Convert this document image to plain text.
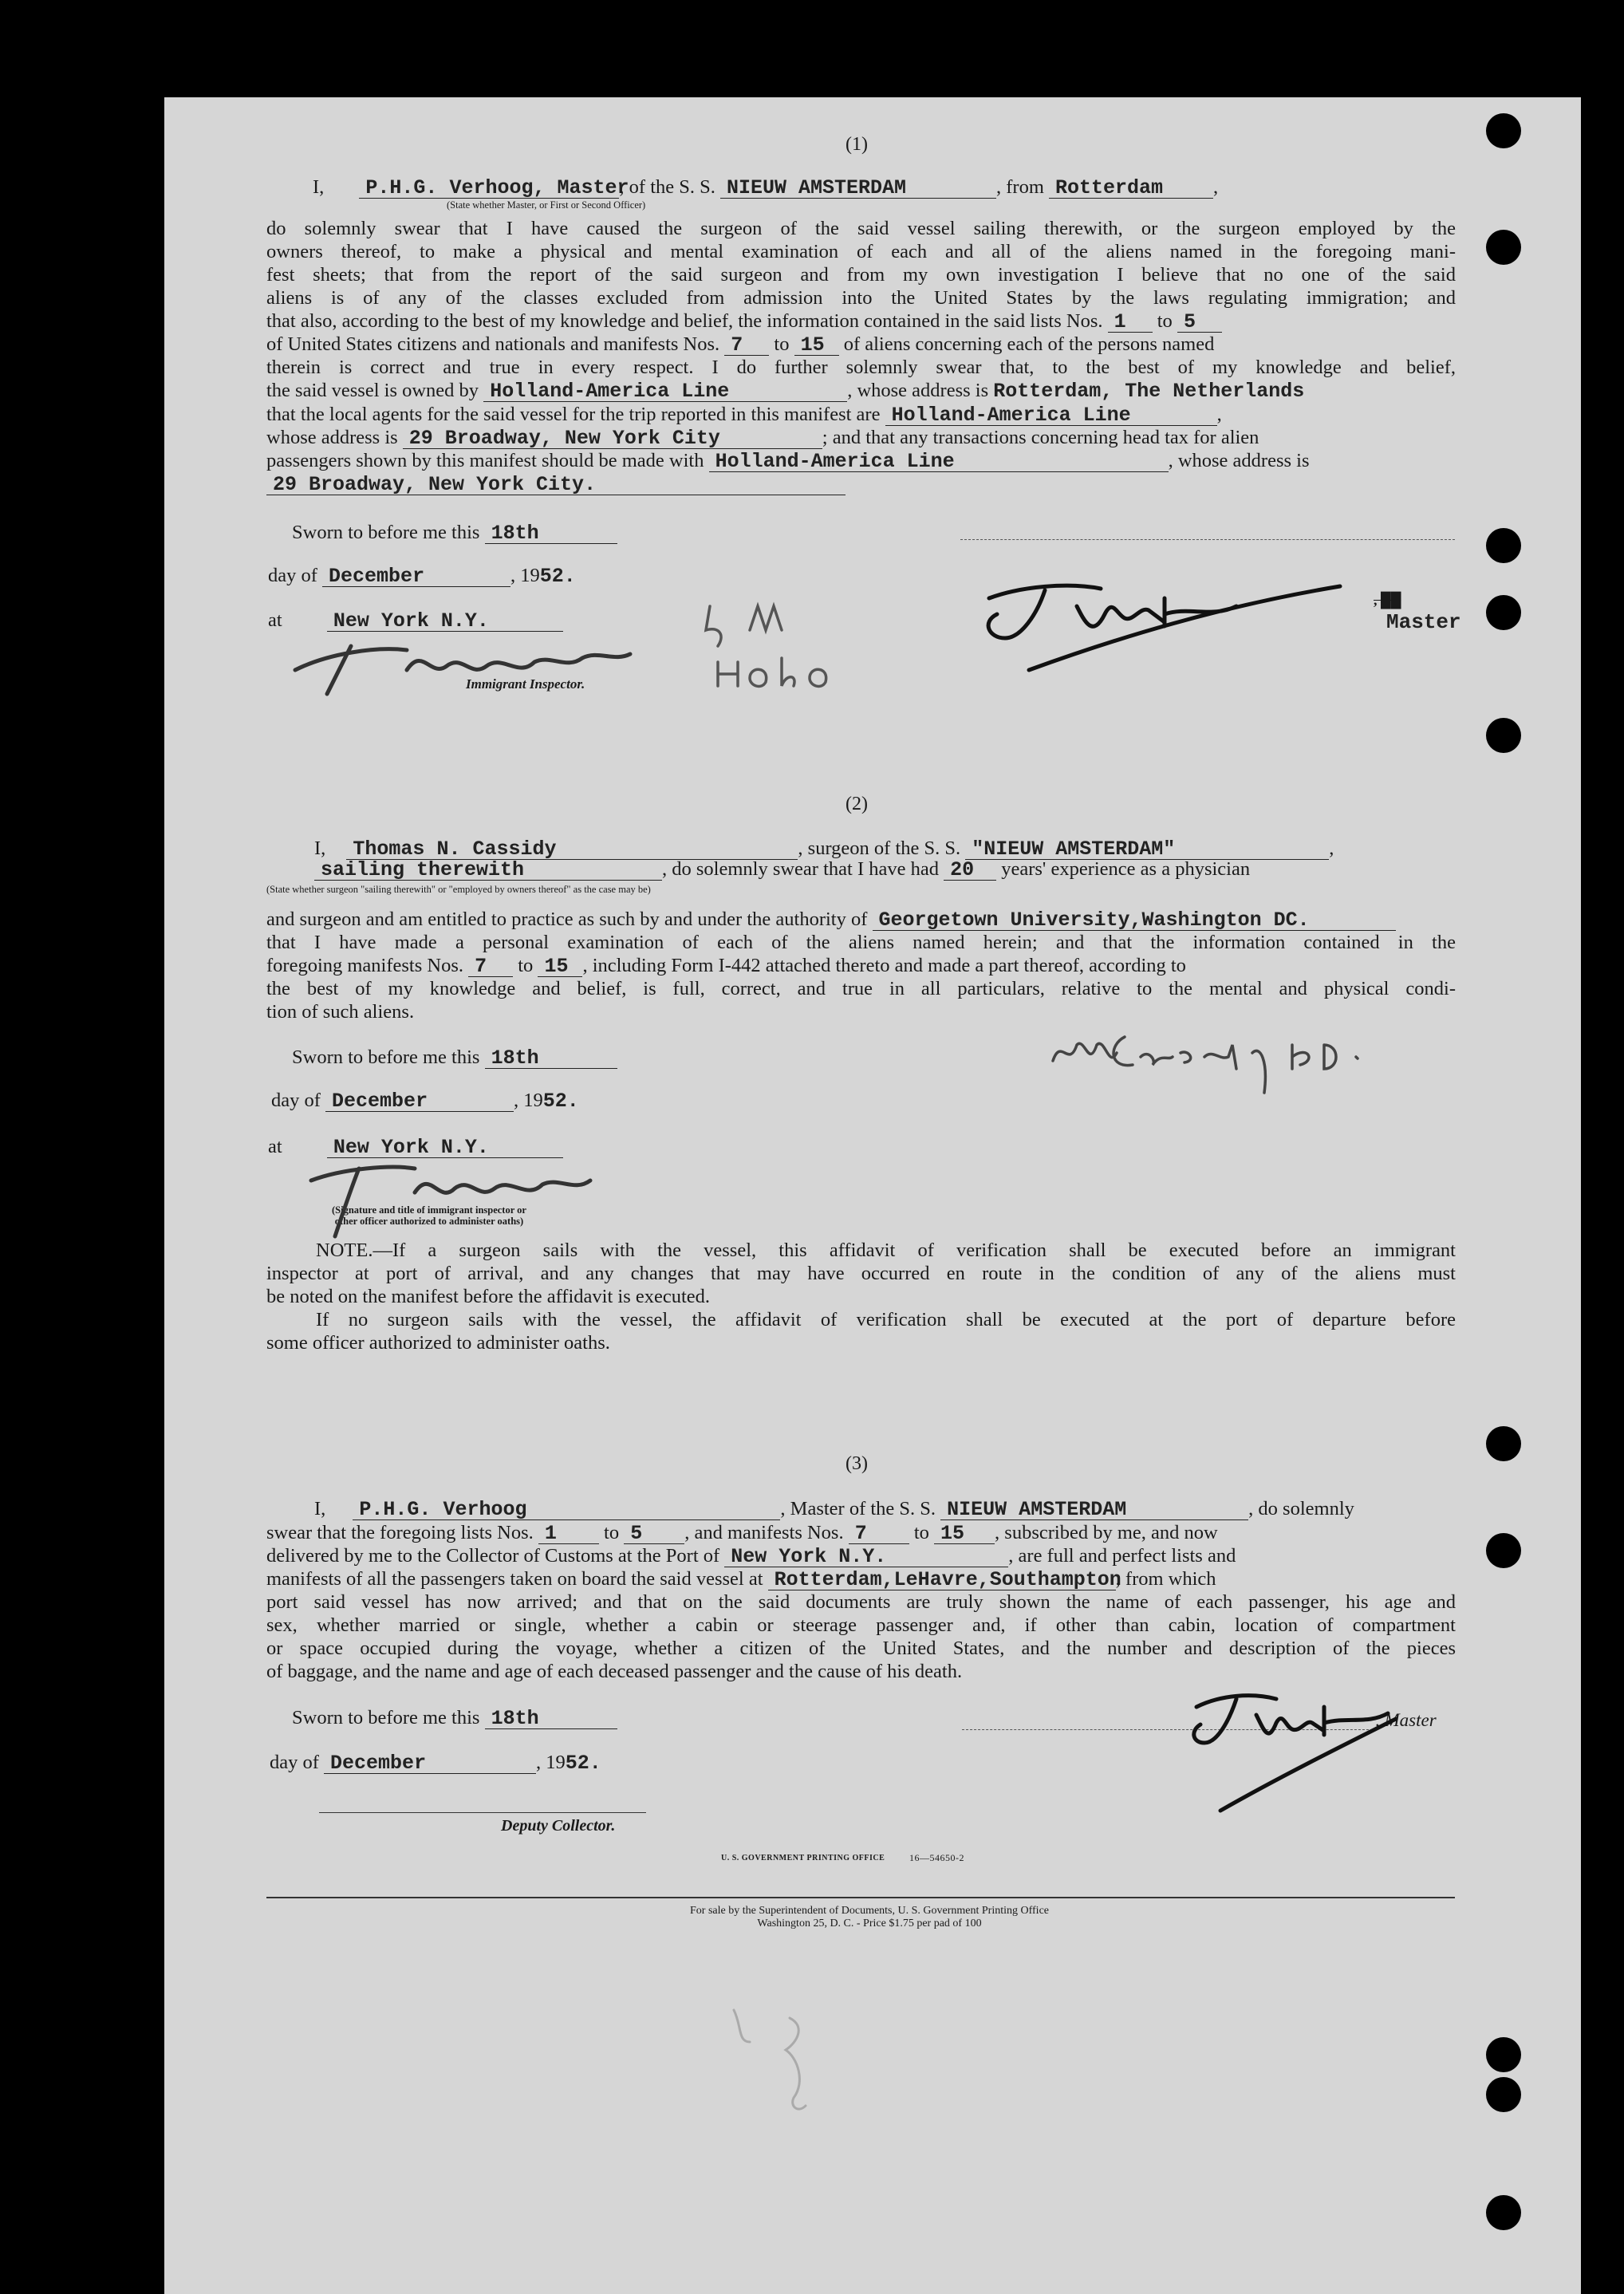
(1)
I, P.H.G. Verhoog, Master, of the S. S. NIEUW AMSTERDAM	, from Rotterdam	,
(State whether Master, or First or Second Officer)
do solemnly swear that I have caused the surgeon of the said vessel sailing therewith, or the surgeon employed by the
owners thereof, to make a physical and mental examination of each and all of the aliens named in the foregoing mani-
fest sheets; that from the report of the said surgeon and from my own investigation I believe that no one of the said
aliens is of any of the classes excluded from admission into the United States by the laws regulating immigration; and
that also, according to the best of my knowledge and belief, the information contained in the said lists Nos. 1 to 5
of United States citizens and nationals and manifests Nos. 7 to 15 of aliens concerning each of the persons named
therein is correct and true in every respect. I do further solemnly swear that, to the best of my knowledge and belief,
the said vessel is owned by Holland-America Line	, whose address is Rotterdam, The Netherlands
that the local agents for the said vessel for the trip reported in this manifest are Holland-America Line	,
whose address is 29 Broadway, New York City	; and that any transactions concerning head tax for alien
passengers shown by this manifest should be made with Holland-America Line	, whose address is
29 Broadway, New York City.
Sworn to before me this 18th
day of December	, 1952.
at	New York N.Y.
Immigrant Inspector.
Master
, ██
(2)
I, Thomas N. Cassidy	, surgeon of the S. S. "NIEUW AMSTERDAM"	,
sailing therewith	, do solemnly swear that I have had 20 years' experience as a physician
(State whether surgeon "sailing therewith" or "employed by owners thereof" as the case may be)
and surgeon and am entitled to practice as such by and under the authority of Georgetown University,Washington DC.
that I have made a personal examination of each of the aliens named herein; and that the information contained in the
foregoing manifests Nos. 7 to 15 , including Form I-442 attached thereto and made a part thereof, according to
the best of my knowledge and belief, is full, correct, and true in all particulars, relative to the mental and physical condi-
tion of such aliens.
Sworn to before me this 18th
day of December	, 1952.
at	New York N.Y.
(Signature and title of immigrant inspector or
other officer authorized to administer oaths)
NOTE.—If a surgeon sails with the vessel, this affidavit of verification shall be executed before an immigrant
inspector at port of arrival, and any changes that may have occurred en route in the condition of any of the aliens must
be noted on the manifest before the affidavit is executed.
If no surgeon sails with the vessel, the affidavit of verification shall be executed at the port of departure before
some officer authorized to administer oaths.
(3)
I, P.H.G. Verhoog	, Master of the S. S. NIEUW AMSTERDAM	, do solemnly
swear that the foregoing lists Nos. 1 to 5 , and manifests Nos. 7 to 15 , subscribed by me, and now
delivered by me to the Collector of Customs at the Port of New York N.Y.	, are full and perfect lists and
manifests of all the passengers taken on board the said vessel at Rotterdam,LeHavre,Southampton, from which
port said vessel has now arrived; and that on the said documents are truly shown the name of each passenger, his age and
sex, whether married or single, whether a cabin or steerage passenger and, if other than cabin, location of compartment
or space occupied during the voyage, whether a citizen of the United States, and the number and description of the pieces
of baggage, and the name and age of each deceased passenger and the cause of his death.
Sworn to before me this 18th
day of December	, 1952.
Deputy Collector.
, Master
U. S. GOVERNMENT PRINTING OFFICE	16—54650-2
For sale by the Superintendent of Documents, U. S. Government Printing Office
Washington 25, D. C. - Price $1.75 per pad of 100
